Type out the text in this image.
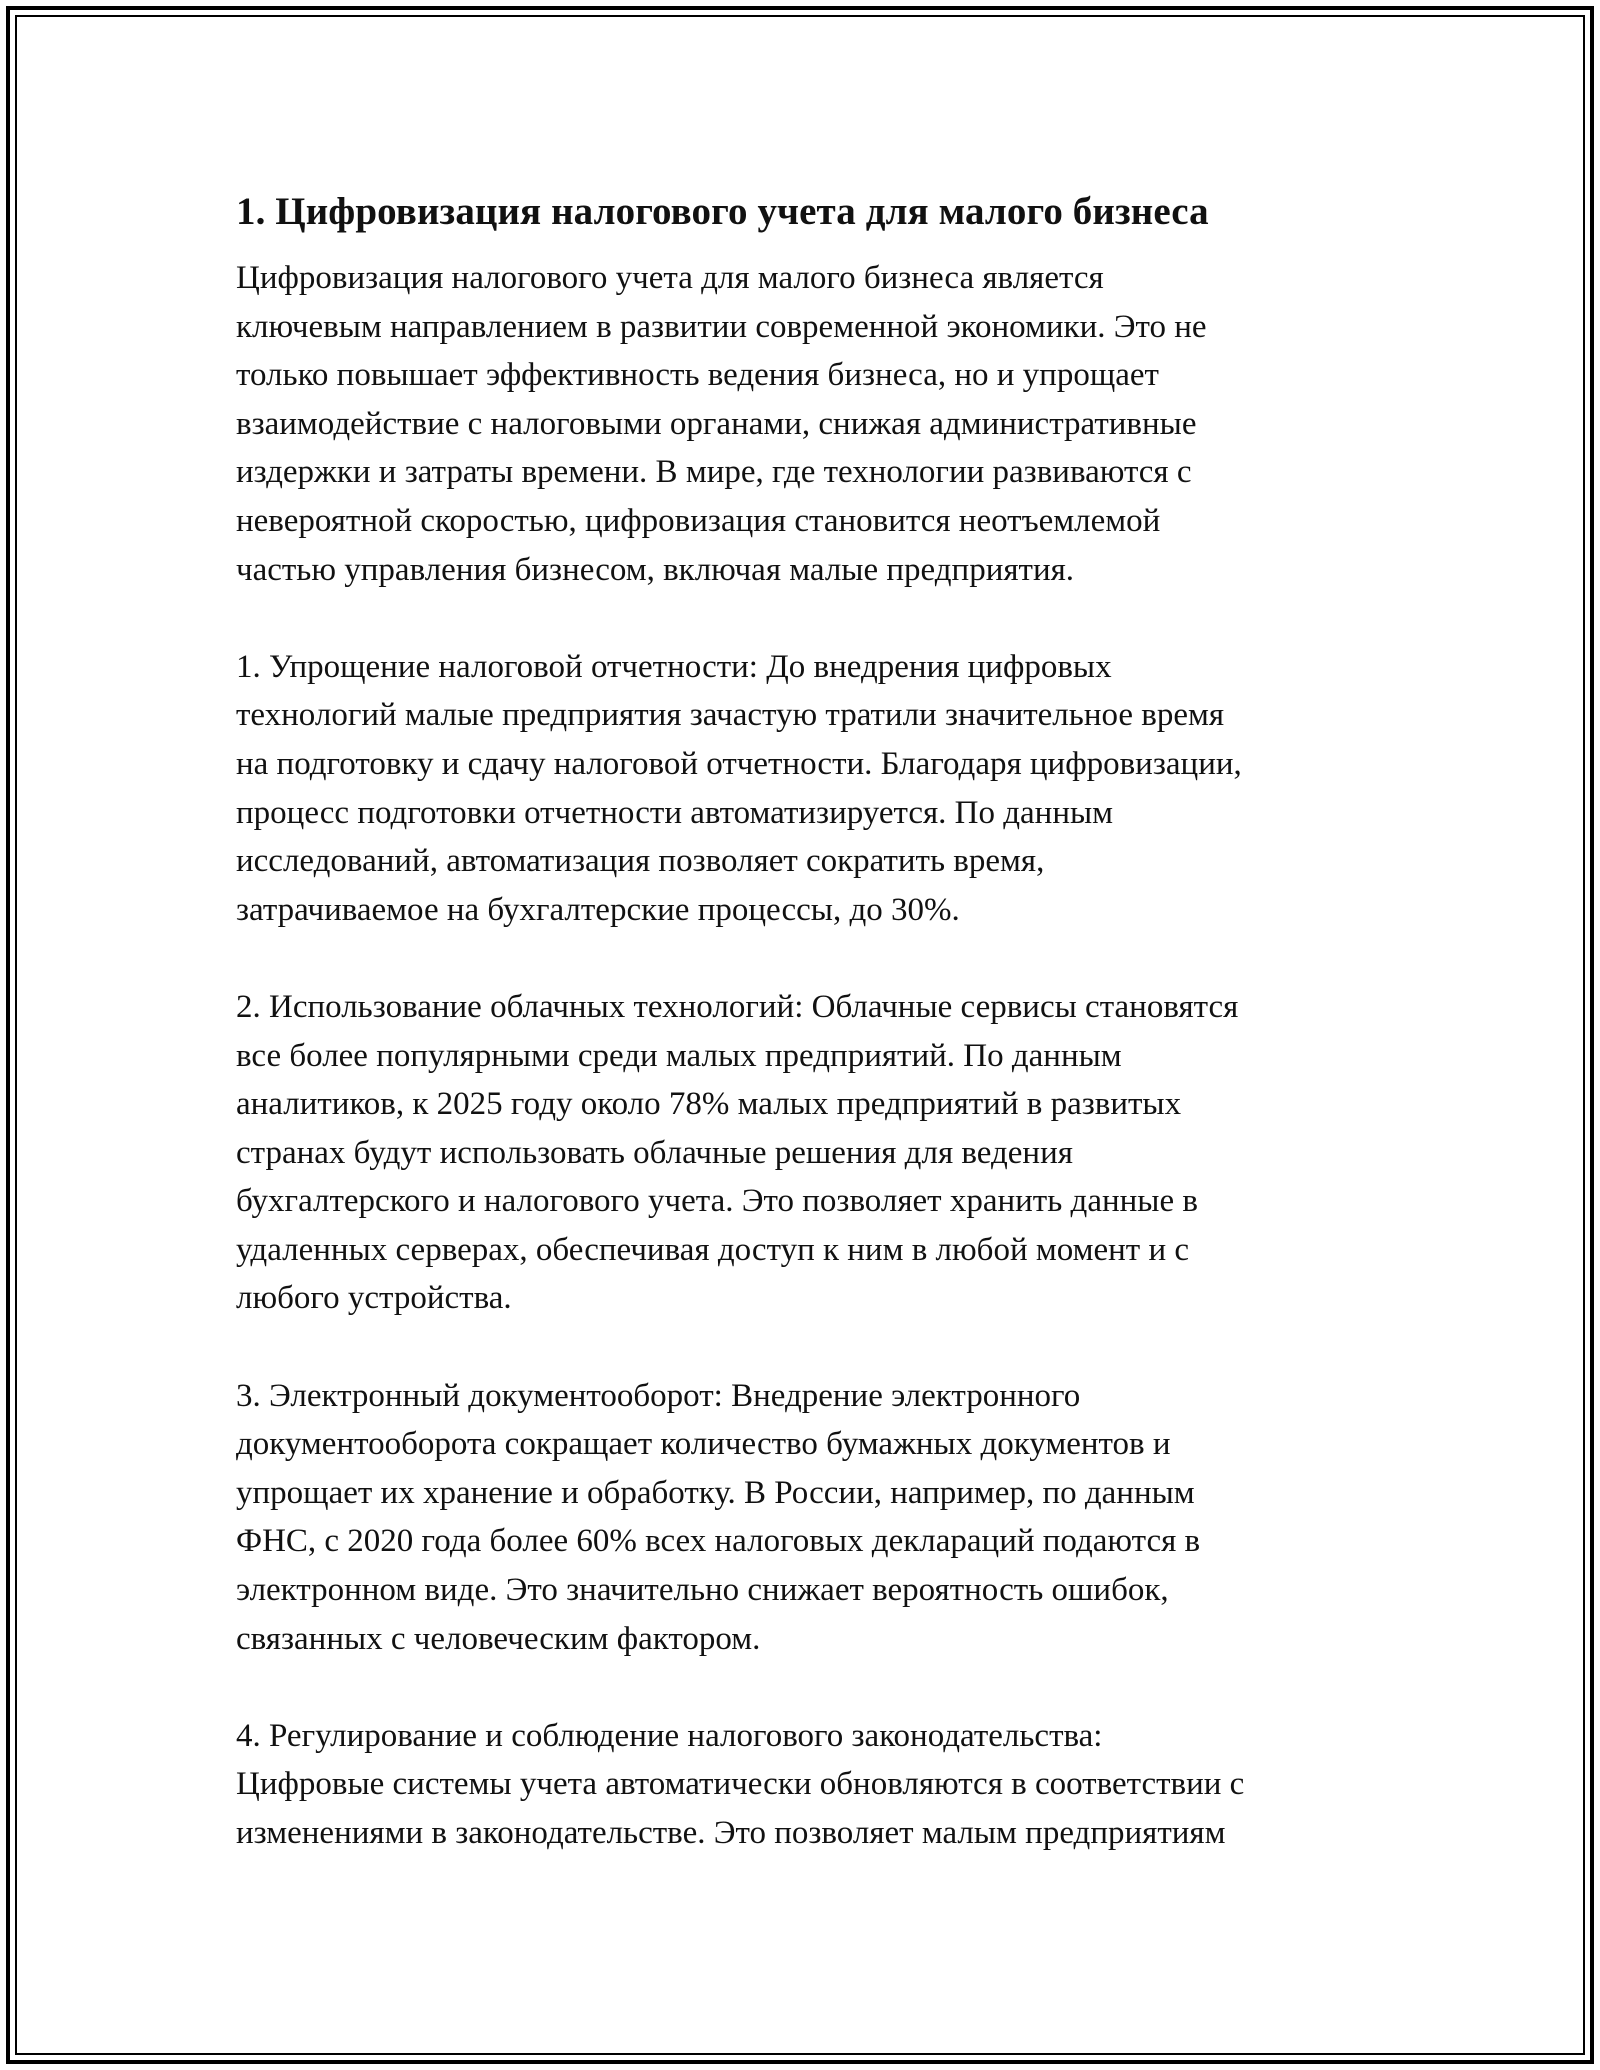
1. Цифровизация налогового учета для малого бизнеса
Цифровизация налогового учета для малого бизнеса является
ключевым направлением в развитии современной экономики. Это не
только повышает эффективность ведения бизнеса, но и упрощает
взаимодействие с налоговыми органами, снижая административные
издержки и затраты времени. В мире, где технологии развиваются с
невероятной скоростью, цифровизация становится неотъемлемой
частью управления бизнесом, включая малые предприятия.
1. Упрощение налоговой отчетности: До внедрения цифровых
технологий малые предприятия зачастую тратили значительное время
на подготовку и сдачу налоговой отчетности. Благодаря цифровизации,
процесс подготовки отчетности автоматизируется. По данным
исследований, автоматизация позволяет сократить время,
затрачиваемое на бухгалтерские процессы, до 30%.
2. Использование облачных технологий: Облачные сервисы становятся
все более популярными среди малых предприятий. По данным
аналитиков, к 2025 году около 78% малых предприятий в развитых
странах будут использовать облачные решения для ведения
бухгалтерского и налогового учета. Это позволяет хранить данные в
удаленных серверах, обеспечивая доступ к ним в любой момент и с
любого устройства.
3. Электронный документооборот: Внедрение электронного
документооборота сокращает количество бумажных документов и
упрощает их хранение и обработку. В России, например, по данным
ФНС, с 2020 года более 60% всех налоговых деклараций подаются в
электронном виде. Это значительно снижает вероятность ошибок,
связанных с человеческим фактором.
4. Регулирование и соблюдение налогового законодательства:
Цифровые системы учета автоматически обновляются в соответствии с
изменениями в законодательстве. Это позволяет малым предприятиям
